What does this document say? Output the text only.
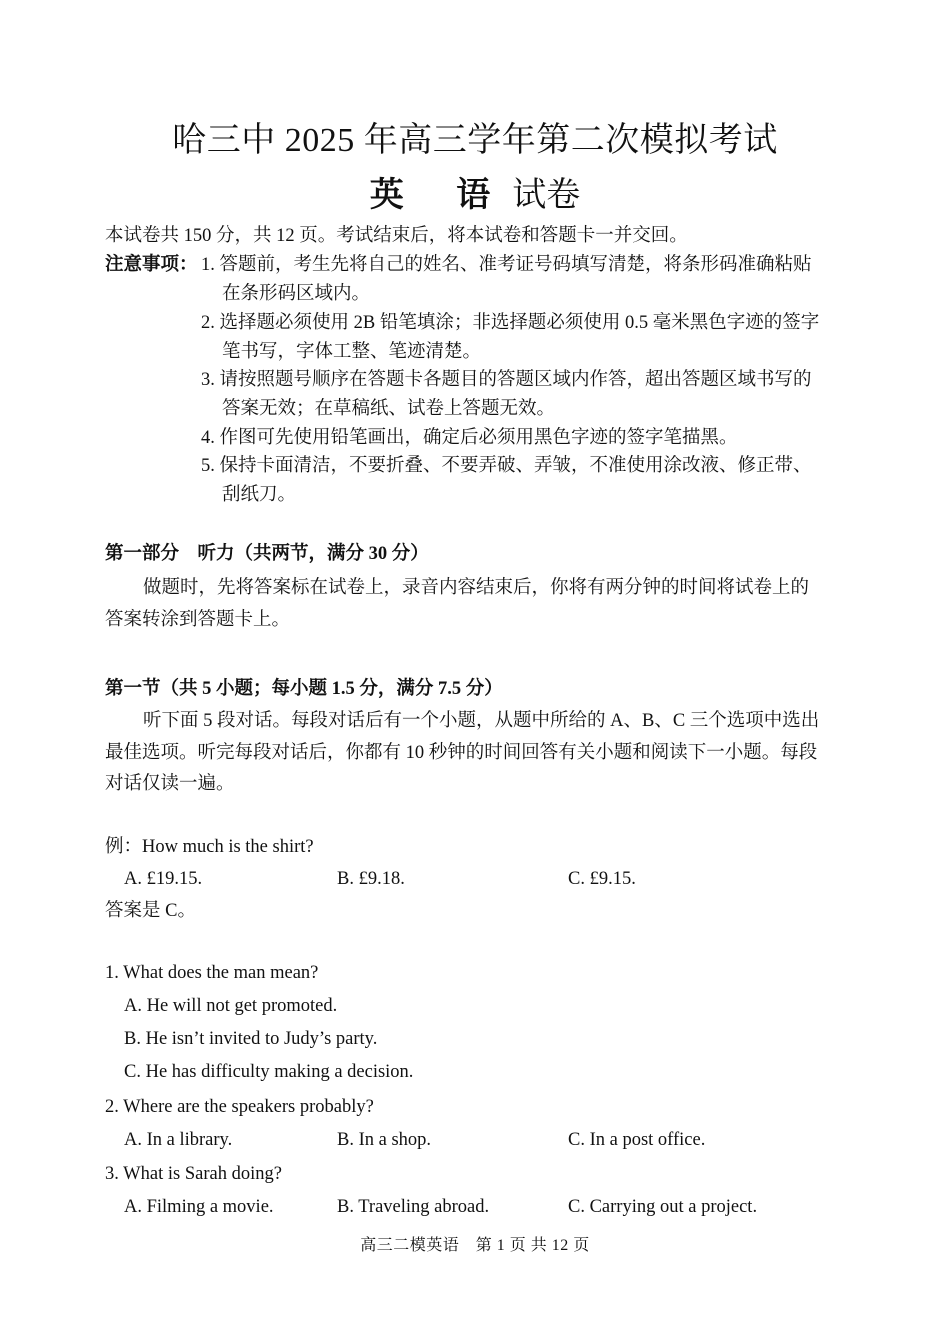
哈三中 2025 年高三学年第二次模拟考试
英 语试卷
本试卷共 150 分，共 12 页。考试结束后，将本试卷和答题卡一并交回。
注意事项： 1. 答题前，考生先将自己的姓名、准考证号码填写清楚，将条形码准确粘贴
在条形码区域内。
2. 选择题必须使用 2B 铅笔填涂；非选择题必须使用 0.5 毫米黑色字迹的签字
笔书写，字体工整、笔迹清楚。
3. 请按照题号顺序在答题卡各题目的答题区域内作答，超出答题区域书写的
答案无效；在草稿纸、试卷上答题无效。
4. 作图可先使用铅笔画出，确定后必须用黑色字迹的签字笔描黑。
5. 保持卡面清洁，不要折叠、不要弄破、弄皱，不准使用涂改液、修正带、
刮纸刀。
第一部分　听力（共两节，满分 30 分）
做题时，先将答案标在试卷上，录音内容结束后，你将有两分钟的时间将试卷上的
答案转涂到答题卡上。
第一节（共 5 小题；每小题 1.5 分，满分 7.5 分）
听下面 5 段对话。每段对话后有一个小题，从题中所给的 A、B、C 三个选项中选出
最佳选项。听完每段对话后，你都有 10 秒钟的时间回答有关小题和阅读下一小题。每段
对话仅读一遍。
例：How much is the shirt?
A. £19.15.	B. £9.18.	C. £9.15.
答案是 C。
1. What does the man mean?
A. He will not get promoted.
B. He isn’t invited to Judy’s party.
C. He has difficulty making a decision.
2. Where are the speakers probably?
A. In a library.	B. In a shop.	C. In a post office.
3. What is Sarah doing?
A. Filming a movie.	B. Traveling abroad.	C. Carrying out a project.
高三二模英语　第 1 页 共 12 页
